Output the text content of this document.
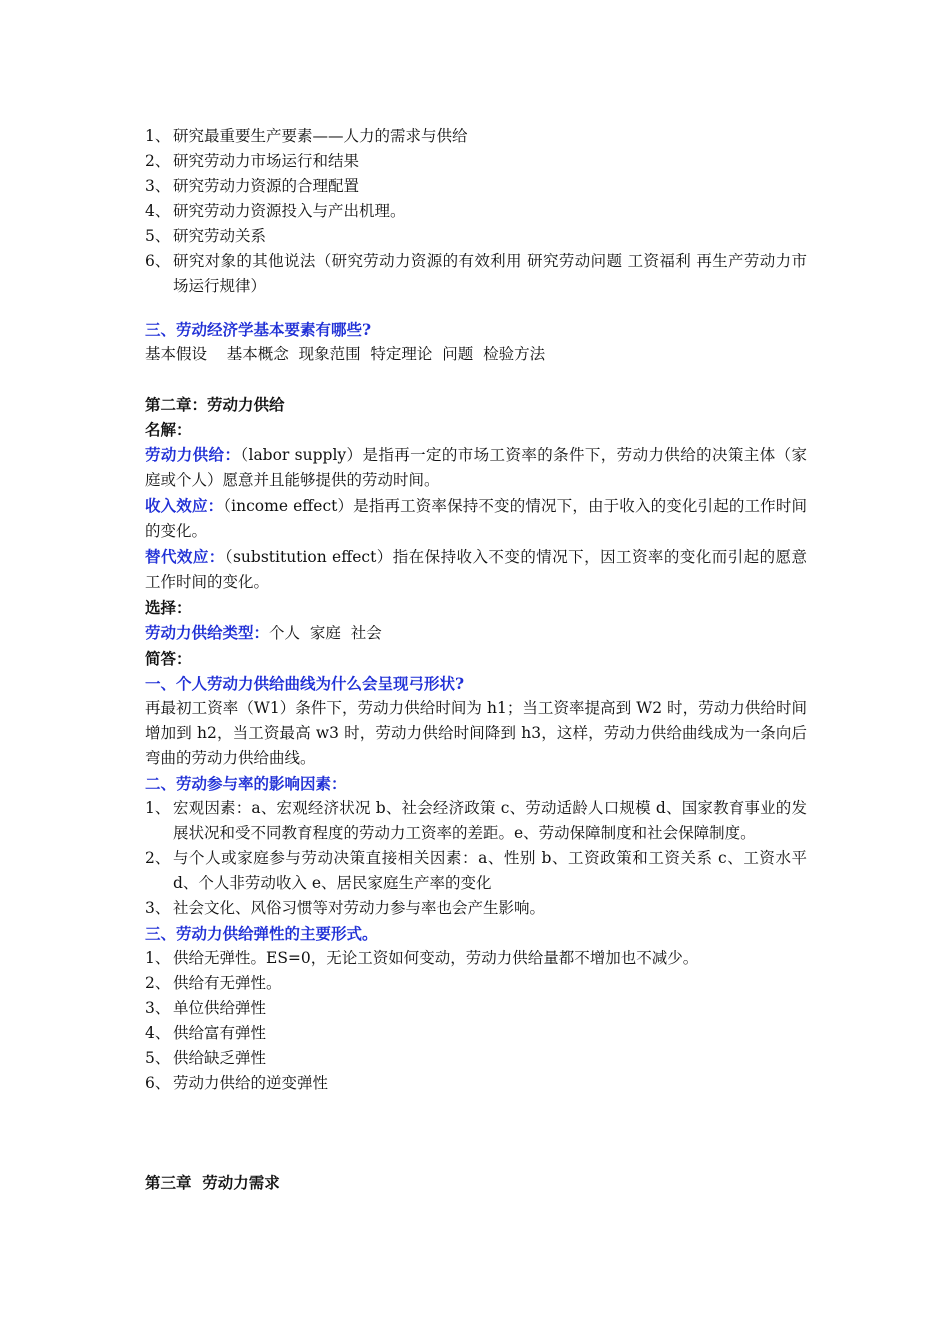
1、 研究最重要生产要素——人力的需求与供给
2、 研究劳动力市场运行和结果
3、 研究劳动力资源的合理配置
4、 研究劳动力资源投入与产出机理。
5、 研究劳动关系
6、 研究对象的其他说法（研究劳动力资源的有效利用 研究劳动问题 工资福利 再生产劳动力市场运行规律）
三、劳动经济学基本要素有哪些?
基本假设    基本概念  现象范围  特定理论  问题  检验方法
第二章：劳动力供给
名解：
劳动力供给：（labor supply）是指再一定的市场工资率的条件下，劳动力供给的决策主体（家庭或个人）愿意并且能够提供的劳动时间。
收入效应：（income effect）是指再工资率保持不变的情况下，由于收入的变化引起的工作时间的变化。
替代效应：（substitution effect）指在保持收入不变的情况下，因工资率的变化而引起的愿意工作时间的变化。
选择：
劳动力供给类型：个人  家庭  社会
简答：
一、个人劳动力供给曲线为什么会呈现弓形状?
再最初工资率（W1）条件下，劳动力供给时间为 h1；当工资率提高到 W2 时，劳动力供给时间增加到 h2，当工资最高 w3 时，劳动力供给时间降到 h3，这样，劳动力供给曲线成为一条向后弯曲的劳动力供给曲线。
二、劳动参与率的影响因素：
1、 宏观因素：a、宏观经济状况 b、社会经济政策 c、劳动适龄人口规模 d、国家教育事业的发展状况和受不同教育程度的劳动力工资率的差距。e、劳动保障制度和社会保障制度。
2、 与个人或家庭参与劳动决策直接相关因素：a、性别 b、工资政策和工资关系 c、工资水平 d、个人非劳动收入 e、居民家庭生产率的变化
3、 社会文化、风俗习惯等对劳动力参与率也会产生影响。
三、劳动力供给弹性的主要形式。
1、 供给无弹性。ES=0，无论工资如何变动，劳动力供给量都不增加也不减少。
2、 供给有无弹性。
3、 单位供给弹性
4、 供给富有弹性
5、 供给缺乏弹性
6、 劳动力供给的逆变弹性
第三章  劳动力需求
